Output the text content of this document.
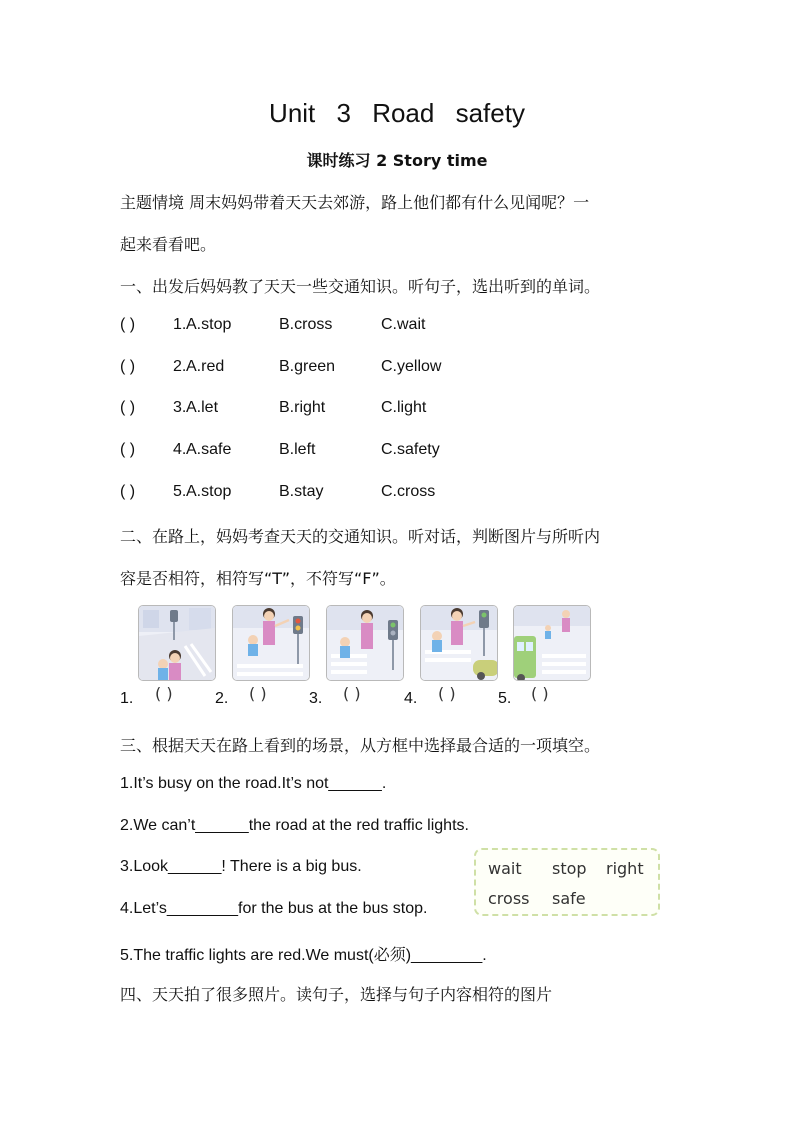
Unit 3 Road safety
课时练习 2 Story time
主题情境 周末妈妈带着天天去郊游，路上他们都有什么见闻呢？一
起来看看吧。
一、出发后妈妈教了天天一些交通知识。听句子，选出听到的单词。
( ) 1. A.stop	B.cross	C.wait
( ) 2. A.red	B.green	C.yellow
( ) 3. A.let	B.right	C.light
( ) 4. A.safe	B.left	C.safety
( ) 5. A.stop	B.stay	C.cross
二、在路上，妈妈考查天天的交通知识。听对话，判断图片与所听内
容是否相符，相符写“T”，不符写“F”。
1. ( )	2. ( )	3. ( )	4. ( )	5. ( )
三、根据天天在路上看到的场景，从方框中选择最合适的一项填空。
1.It’s busy on the road.It’s not______.
2.We can’t______the road at the red traffic lights.
3.Look______! There is a big bus.
4.Let’s________for the bus at the bus stop.
5.The traffic lights are red.We must(必须)________.
wait stop right
cross safe
四、天天拍了很多照片。读句子，选择与句子内容相符的图片
